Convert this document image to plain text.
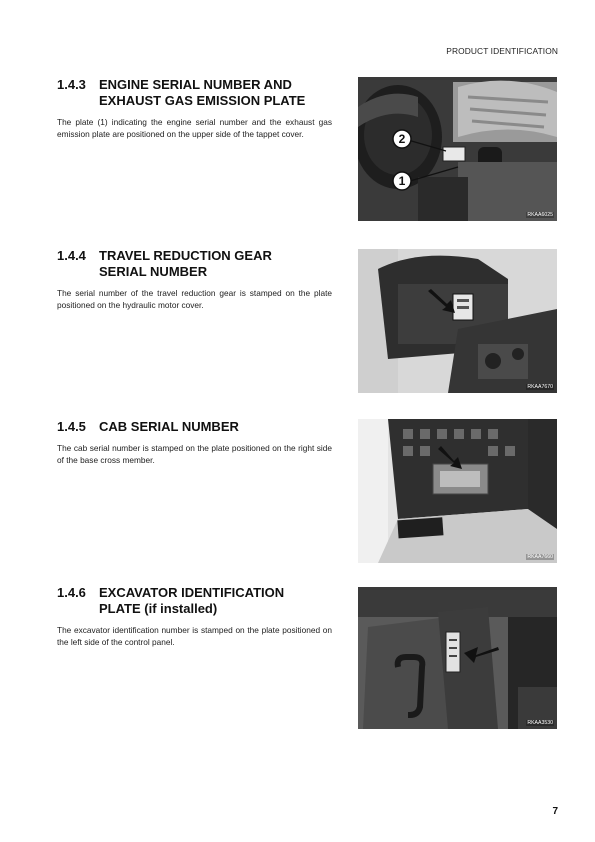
PRODUCT IDENTIFICATION
1.4.3	ENGINE SERIAL NUMBER AND
EXHAUST GAS EMISSION PLATE
The plate (1) indicating the engine serial number and the exhaust gas emission plate are positioned on the upper side of the tappet cover.	2
1
RKAA6025
1.4.4	TRAVEL REDUCTION GEAR
SERIAL NUMBER
The serial number of the travel reduction gear is stamped on the plate positioned on the hydraulic motor cover.
RKAA7670
1.4.5	CAB SERIAL NUMBER
The cab serial number is stamped on the plate positioned on the right side of the base cross member.
RKAA7660
1.4.6	EXCAVATOR IDENTIFICATION
PLATE (if installed)
The excavator identification number is stamped on the plate positioned on the left side of the control panel.
RKAA3530
7
